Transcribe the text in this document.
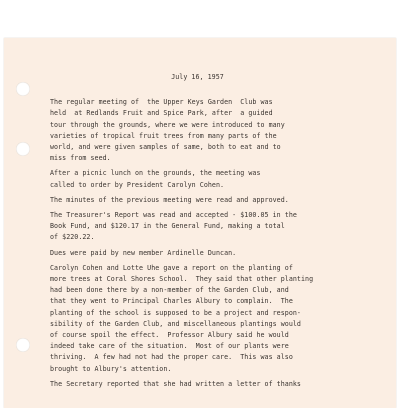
July 16, 1957
The regular meeting of  the Upper Keys Garden  Club was
held  at Redlands Fruit and Spice Park, after  a guided
tour through the grounds, where we were introduced to many
varieties of tropical fruit trees from many parts of the
world, and were given samples of same, both to eat and to
miss from seed.
After a picnic lunch on the grounds, the meeting was
called to order by President Carolyn Cohen.
The minutes of the previous meeting were read and approved.
The Treasurer's Report was read and accepted - $100.05 in the
Book Fund, and $120.17 in the General Fund, making a total
of $220.22.
Dues were paid by new member Ardinelle Duncan.
Carolyn Cohen and Lotte Uhe gave a report on the planting of
more trees at Coral Shores School.  They said that other planting
had been done there by a non-member of the Garden Club, and
that they went to Principal Charles Albury to complain.  The
planting of the school is supposed to be a project and respon-
sibility of the Garden Club, and miscellaneous plantings would
of course spoil the effect.  Professor Albury said he would
indeed take care of the situation.  Most of our plants were
thriving.  A few had not had the proper care.  This was also
brought to Albury's attention.
The Secretary reported that she had written a letter of thanks
